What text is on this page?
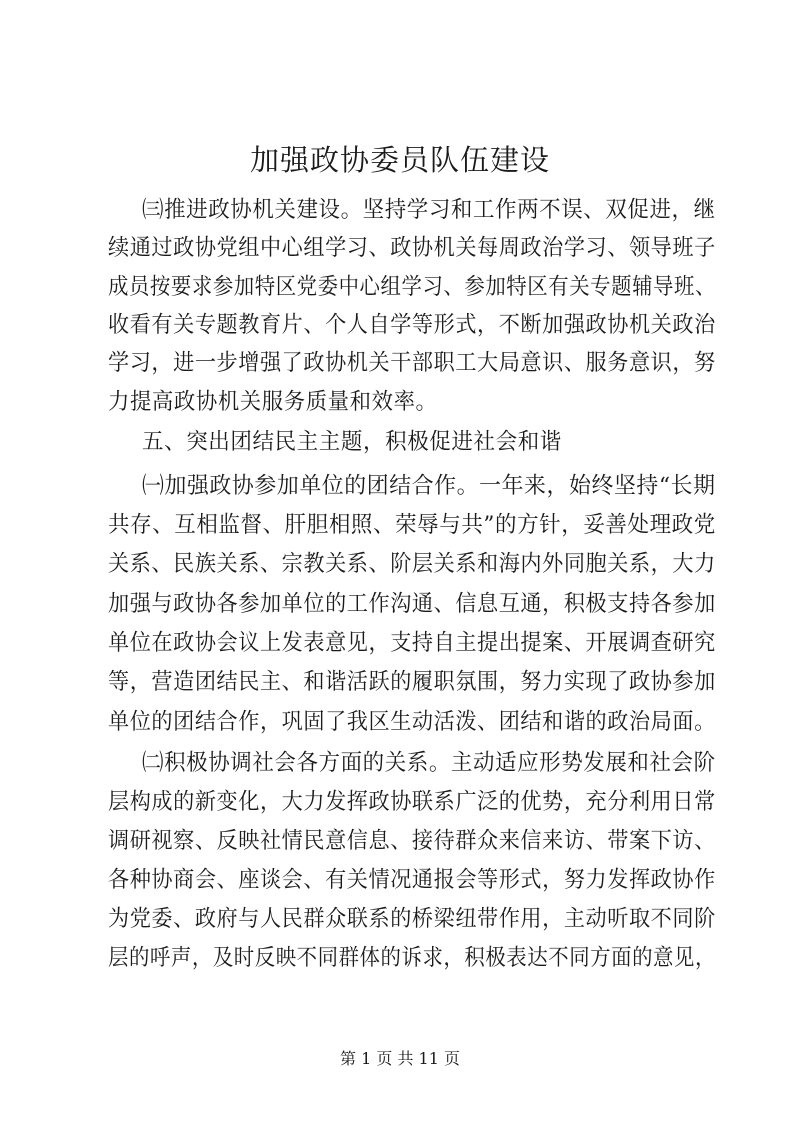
加强政协委员队伍建设
㈢推进政协机关建设。坚持学习和工作两不误、双促进，继
续通过政协党组中心组学习、政协机关每周政治学习、领导班子
成员按要求参加特区党委中心组学习、参加特区有关专题辅导班、
收看有关专题教育片、个人自学等形式，不断加强政协机关政治
学习，进一步增强了政协机关干部职工大局意识、服务意识，努
力提高政协机关服务质量和效率。
五、突出团结民主主题，积极促进社会和谐
㈠加强政协参加单位的团结合作。一年来，始终坚持“长期
共存、互相监督、肝胆相照、荣辱与共”的方针，妥善处理政党
关系、民族关系、宗教关系、阶层关系和海内外同胞关系，大力
加强与政协各参加单位的工作沟通、信息互通，积极支持各参加
单位在政协会议上发表意见，支持自主提出提案、开展调查研究
等，营造团结民主、和谐活跃的履职氛围，努力实现了政协参加
单位的团结合作，巩固了我区生动活泼、团结和谐的政治局面。
㈡积极协调社会各方面的关系。主动适应形势发展和社会阶
层构成的新变化，大力发挥政协联系广泛的优势，充分利用日常
调研视察、反映社情民意信息、接待群众来信来访、带案下访、
各种协商会、座谈会、有关情况通报会等形式，努力发挥政协作
为党委、政府与人民群众联系的桥梁纽带作用，主动听取不同阶
层的呼声，及时反映不同群体的诉求，积极表达不同方面的意见，
第 1 页 共 11 页
